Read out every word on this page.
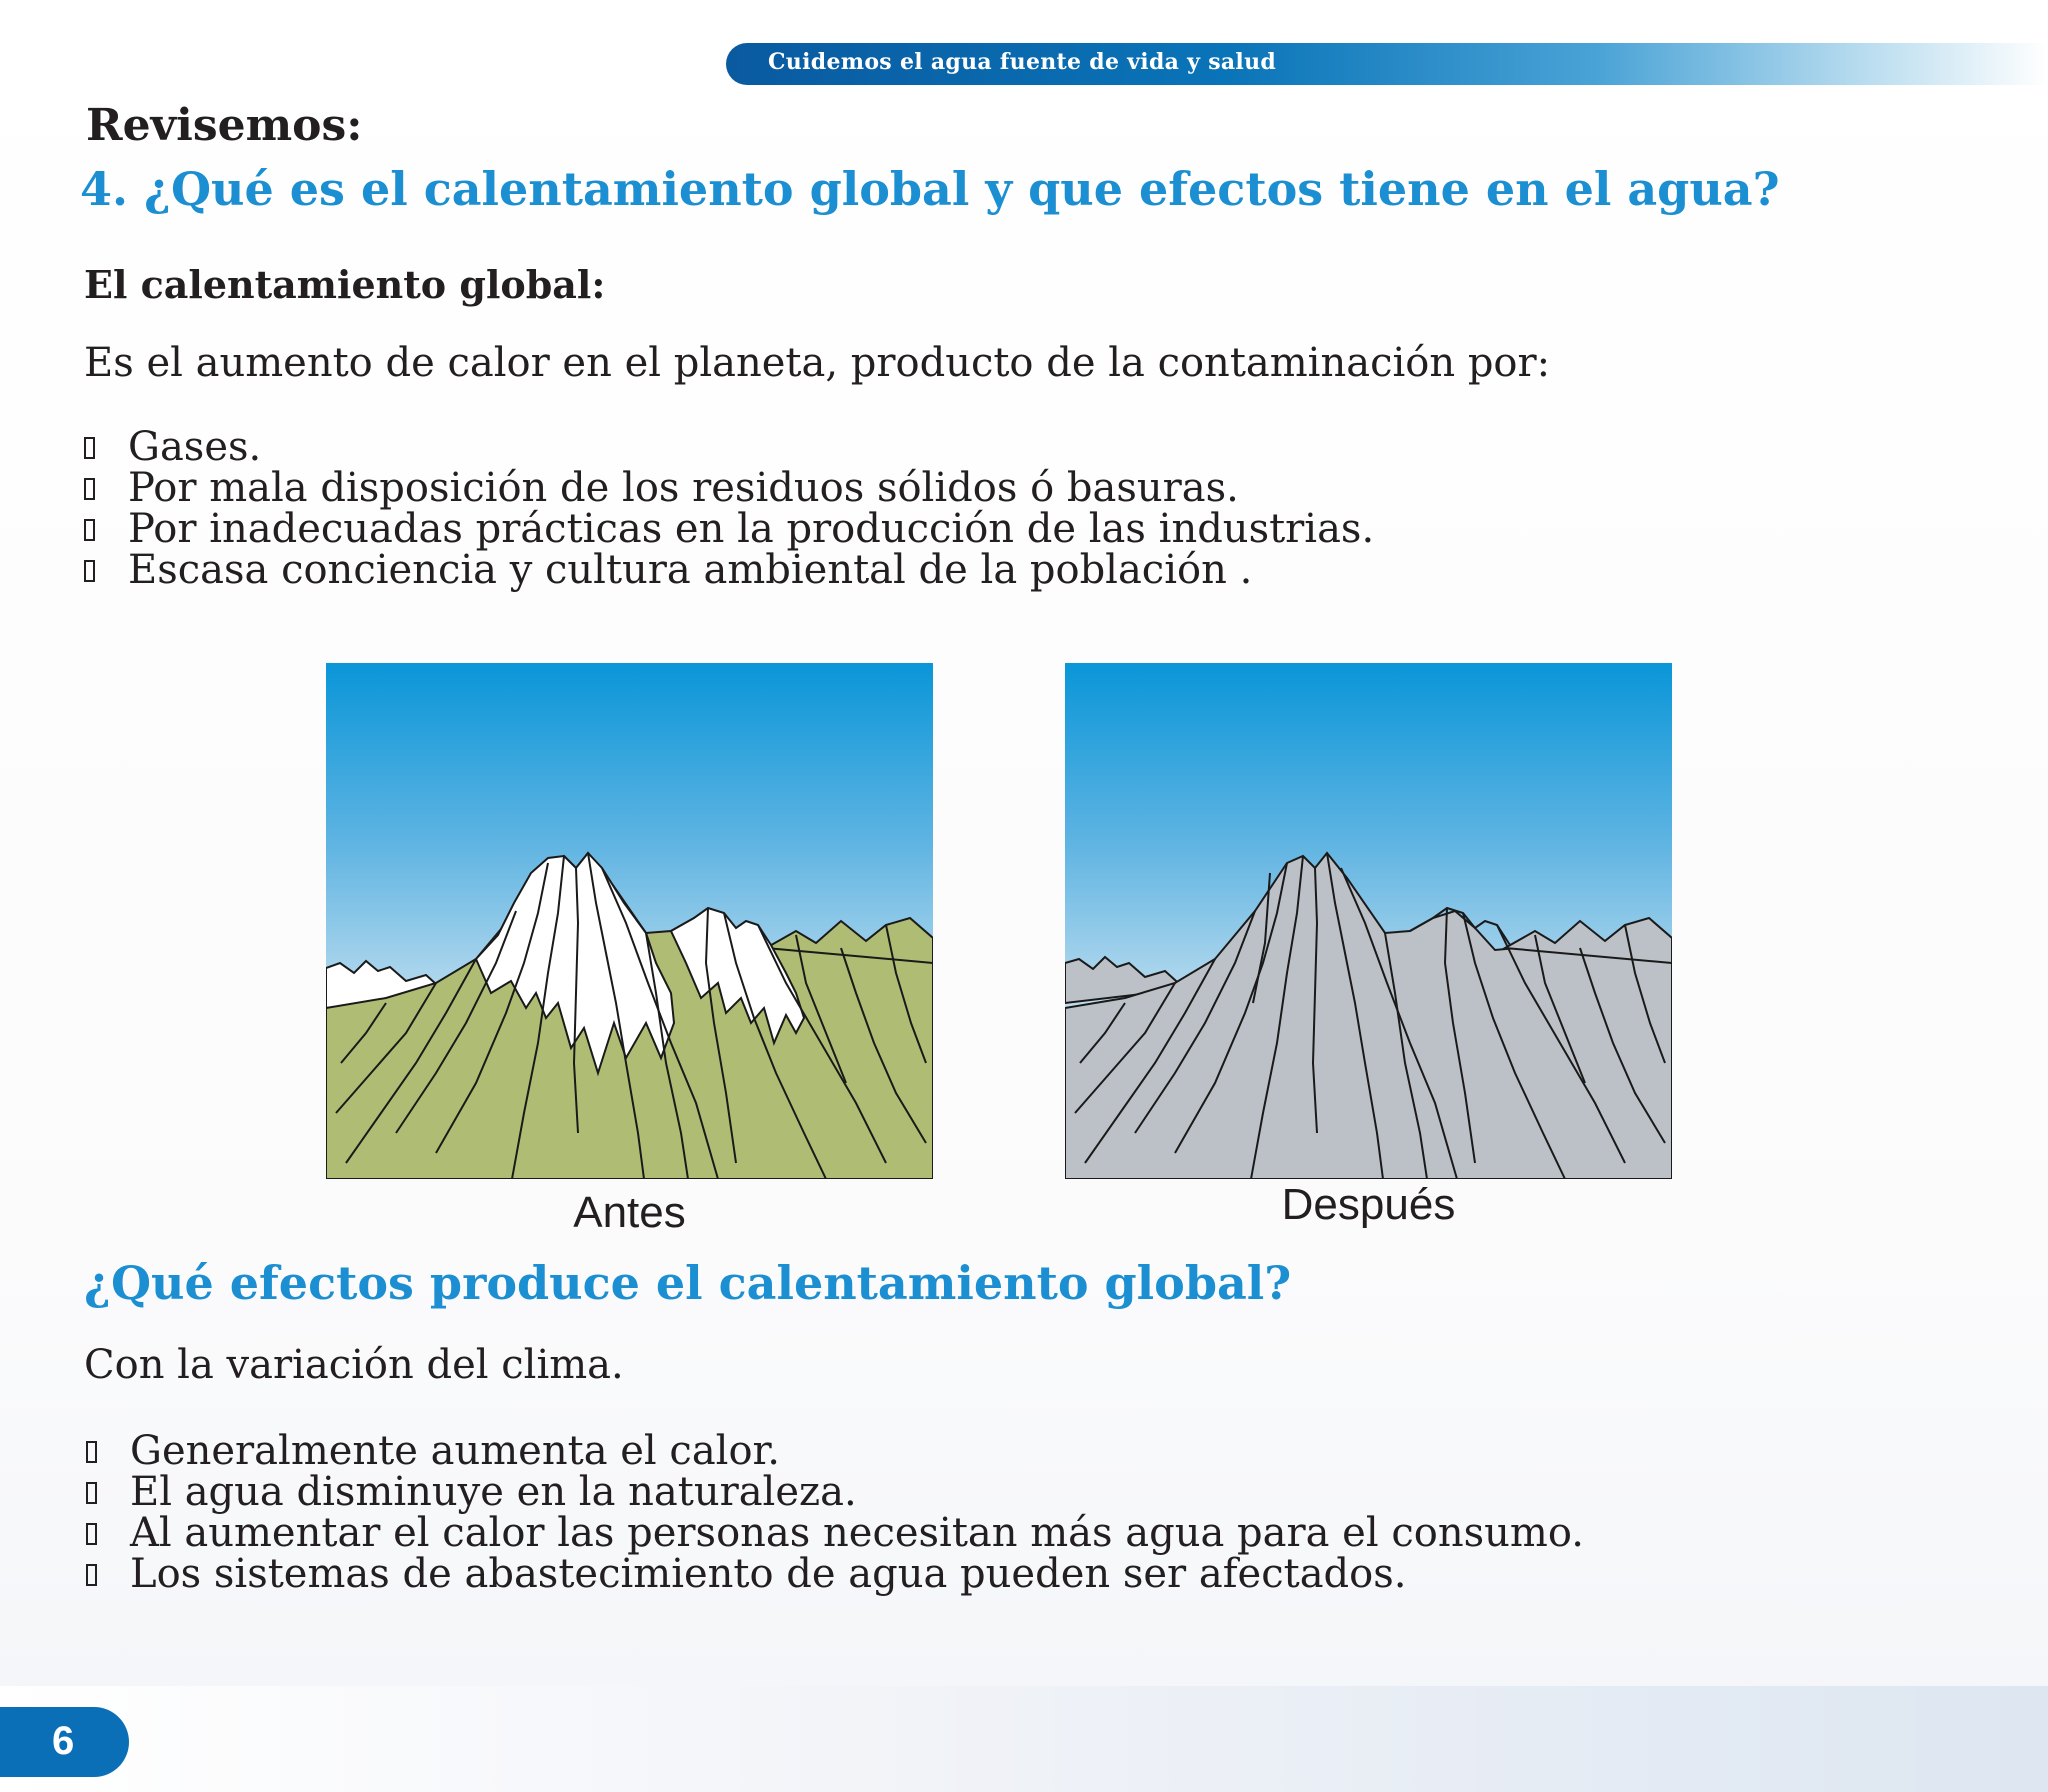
Cuidemos el agua fuente de vida y salud
Revisemos:
4. ¿Qué es el calentamiento global y que efectos tiene en el agua?
El calentamiento global:
Es el aumento de calor en el planeta, producto de la contaminación por:
Gases.
Por mala disposición de los residuos sólidos ó basuras.
Por inadecuadas prácticas en la producción de las industrias.
Escasa conciencia y cultura ambiental de la población .
Antes	Después
¿Qué efectos produce el calentamiento global?
Con la variación del clima.
Generalmente aumenta el calor.
El agua disminuye en la naturaleza.
Al aumentar el calor las personas necesitan más agua para el consumo.
Los sistemas de abastecimiento de agua pueden ser afectados.
6
